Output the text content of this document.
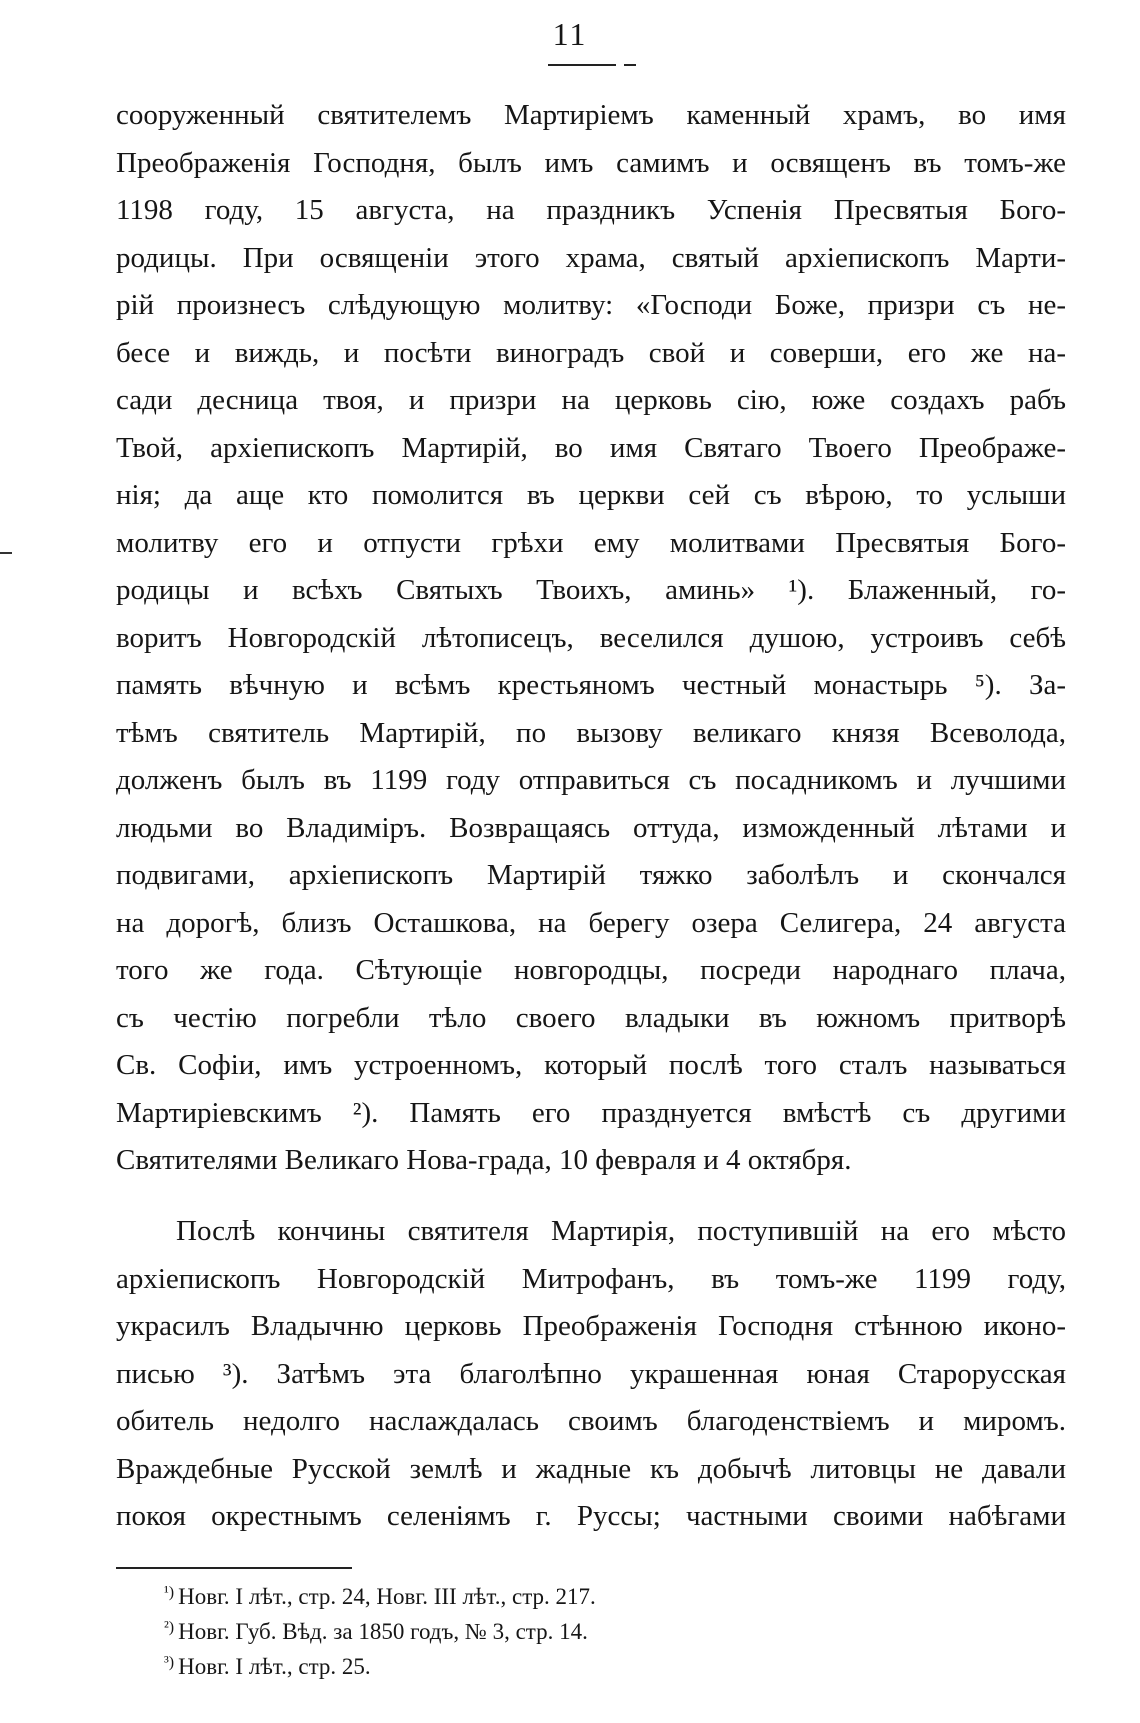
11
сооруженный святителемъ Мартиріемъ каменный храмъ, во имя
Преображенія Господня, былъ имъ самимъ и освященъ въ томъ-же
1198 году, 15 августа, на праздникъ Успенія Пресвятыя Бого-
родицы. При освященіи этого храма, святый архіепископъ Марти-
рій произнесъ слѣдующую молитву: «Господи Боже, призри съ не-
бесе и виждь, и посѣти виноградъ свой и соверши, его же на-
сади десница твоя, и призри на церковь сію, юже создахъ рабъ
Твой, архіепископъ Мартирій, во имя Святаго Твоего Преображе-
нія; да аще кто помолится въ церкви сей съ вѣрою, то услыши
молитву его и отпусти грѣхи ему молитвами Пресвятыя Бого-
родицы и всѣхъ Святыхъ Твоихъ, аминь» ¹). Блаженный, го-
воритъ Новгородскій лѣтописецъ, веселился душою, устроивъ себѣ
память вѣчную и всѣмъ крестьяномъ честный монастырь ⁵). За-
тѣмъ святитель Мартирій, по вызову великаго князя Всеволода,
долженъ былъ въ 1199 году отправиться съ посадникомъ и лучшими
людьми во Владиміръ. Возвращаясь оттуда, изможденный лѣтами и
подвигами, архіепископъ Мартирій тяжко заболѣлъ и скончался
на дорогѣ, близъ Осташкова, на берегу озера Селигера, 24 августа
того же года. Сѣтующіе новгородцы, посреди народнаго плача,
съ честію погребли тѣло своего владыки въ южномъ притворѣ
Св. Софіи, имъ устроенномъ, который послѣ того сталъ называться
Мартиріевскимъ ²). Память его празднуется вмѣстѣ съ другими
Святителями Великаго Нова-града, 10 февраля и 4 октября.
Послѣ кончины святителя Мартирія, поступившій на его мѣсто
архіепископъ Новгородскій Митрофанъ, въ томъ-же 1199 году,
украсилъ Владычню церковь Преображенія Господня стѣнною иконо-
писью ³). Затѣмъ эта благолѣпно украшенная юная Старорусская
обитель недолго наслаждалась своимъ благоденствіемъ и миромъ.
Враждебные Русской землѣ и жадные къ добычѣ литовцы не давали
покоя окрестнымъ селеніямъ г. Руссы; частными своими набѣгами
$^{^1)}$ Новг. I лѣт., стр. 24, Новг. III лѣт., стр. 217.
$^{^2)}$ Новг. Губ. Вѣд. за 1850 годъ, № 3, стр. 14.
$^{^3)}$ Новг. I лѣт., стр. 25.
